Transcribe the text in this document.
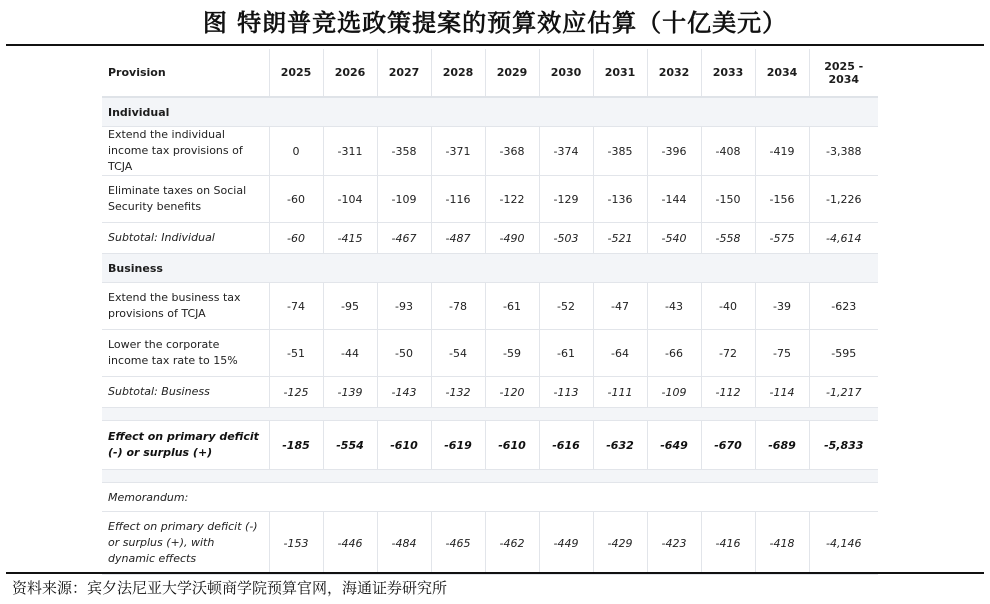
图 特朗普竞选政策提案的预算效应估算（十亿美元）
Provision	2025	2026	2027	2028	2029	2030	2031	2032	2033	2034	2025 - 2034
Individual											
Extend the individual income tax provisions of TCJA	0	-311	-358	-371	-368	-374	-385	-396	-408	-419	-3,388
Eliminate taxes on Social Security benefits	-60	-104	-109	-116	-122	-129	-136	-144	-150	-156	-1,226
Subtotal: Individual	-60	-415	-467	-487	-490	-503	-521	-540	-558	-575	-4,614
Business											
Extend the business tax provisions of TCJA	-74	-95	-93	-78	-61	-52	-47	-43	-40	-39	-623
Lower the corporate income tax rate to 15%	-51	-44	-50	-54	-59	-61	-64	-66	-72	-75	-595
Subtotal: Business	-125	-139	-143	-132	-120	-113	-111	-109	-112	-114	-1,217

Effect on primary deficit (-) or surplus (+)	-185	-554	-610	-619	-610	-616	-632	-649	-670	-689	-5,833

Memorandum:											
Effect on primary deficit (-) or surplus (+), with dynamic effects	-153	-446	-484	-465	-462	-449	-429	-423	-416	-418	-4,146
资料来源：宾夕法尼亚大学沃顿商学院预算官网，海通证券研究所
